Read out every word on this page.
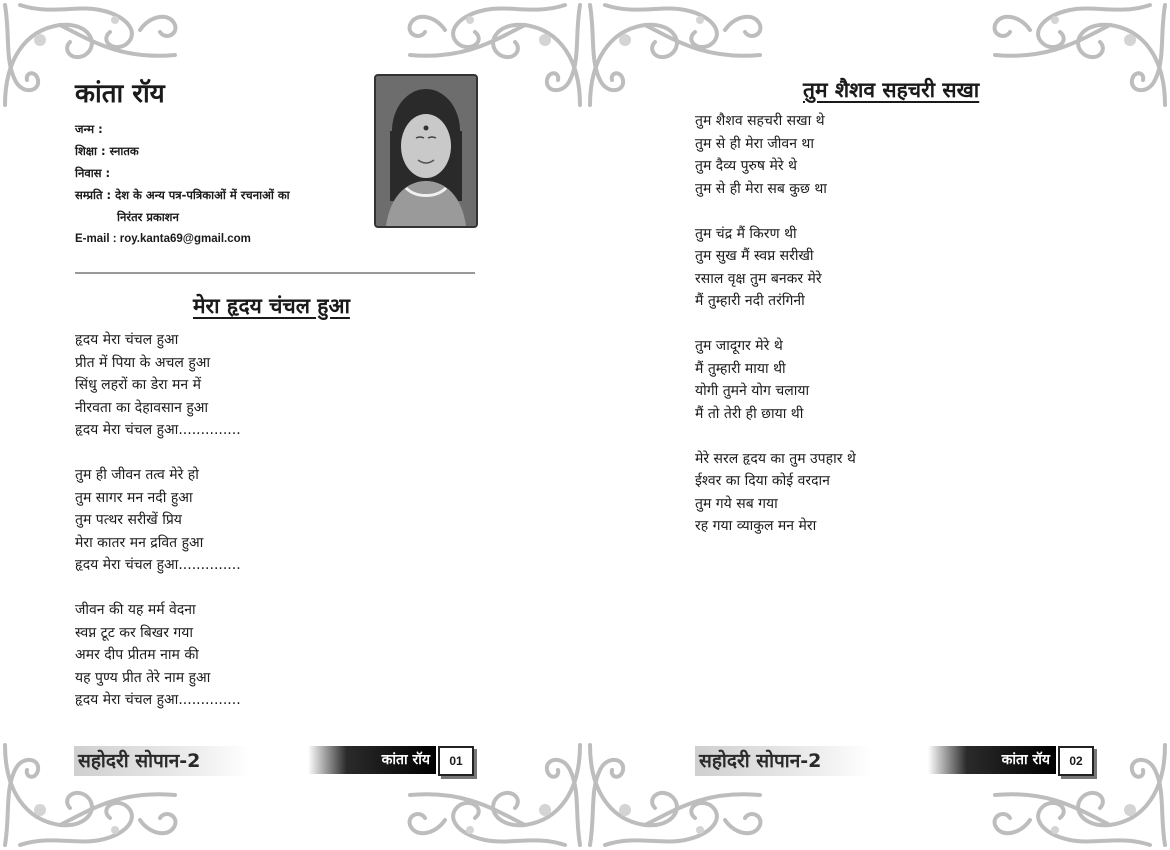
कांता रॉय
जन्म :
शिक्षा : स्नातक
निवास :
सम्प्रति : देश के अन्य पत्र-पत्रिकाओं में रचनाओं का
निरंतर प्रकाशन
E-mail : roy.kanta69@gmail.com
मेरा हृदय चंचल हुआ
हृदय मेरा चंचल हुआ
प्रीत में पिया के अचल हुआ
सिंधु लहरों का डेरा मन में
नीरवता का देहावसान हुआ
हृदय मेरा चंचल हुआ..............
तुम ही जीवन तत्व मेरे हो
तुम सागर मन नदी हुआ
तुम पत्थर सरीखें प्रिय
मेरा कातर मन द्रवित हुआ
हृदय मेरा चंचल हुआ..............
जीवन की यह मर्म वेदना
स्वप्न टूट कर बिखर गया
अमर दीप प्रीतम नाम की
यह पुण्य प्रीत तेरे नाम हुआ
हृदय मेरा चंचल हुआ..............
सहोदरी सोपान-2	कांता रॉय	01
तुम शैशव सहचरी सखा
तुम शैशव सहचरी सखा थे
तुम से ही मेरा जीवन था
तुम दैव्य पुरुष मेरे थे
तुम से ही मेरा सब कुछ था
तुम चंद्र मैं किरण थी
तुम सुख मैं स्वप्न सरीखी
रसाल वृक्ष तुम बनकर मेरे
मैं तुम्हारी नदी तरंगिनी
तुम जादूगर मेरे थे
मैं तुम्हारी माया थी
योगी तुमने योग चलाया
मैं तो तेरी ही छाया थी
मेरे सरल हृदय का तुम उपहार थे
ईश्वर का दिया कोई वरदान
तुम गये सब गया
रह गया व्याकुल मन मेरा
सहोदरी सोपान-2	कांता रॉय	02
